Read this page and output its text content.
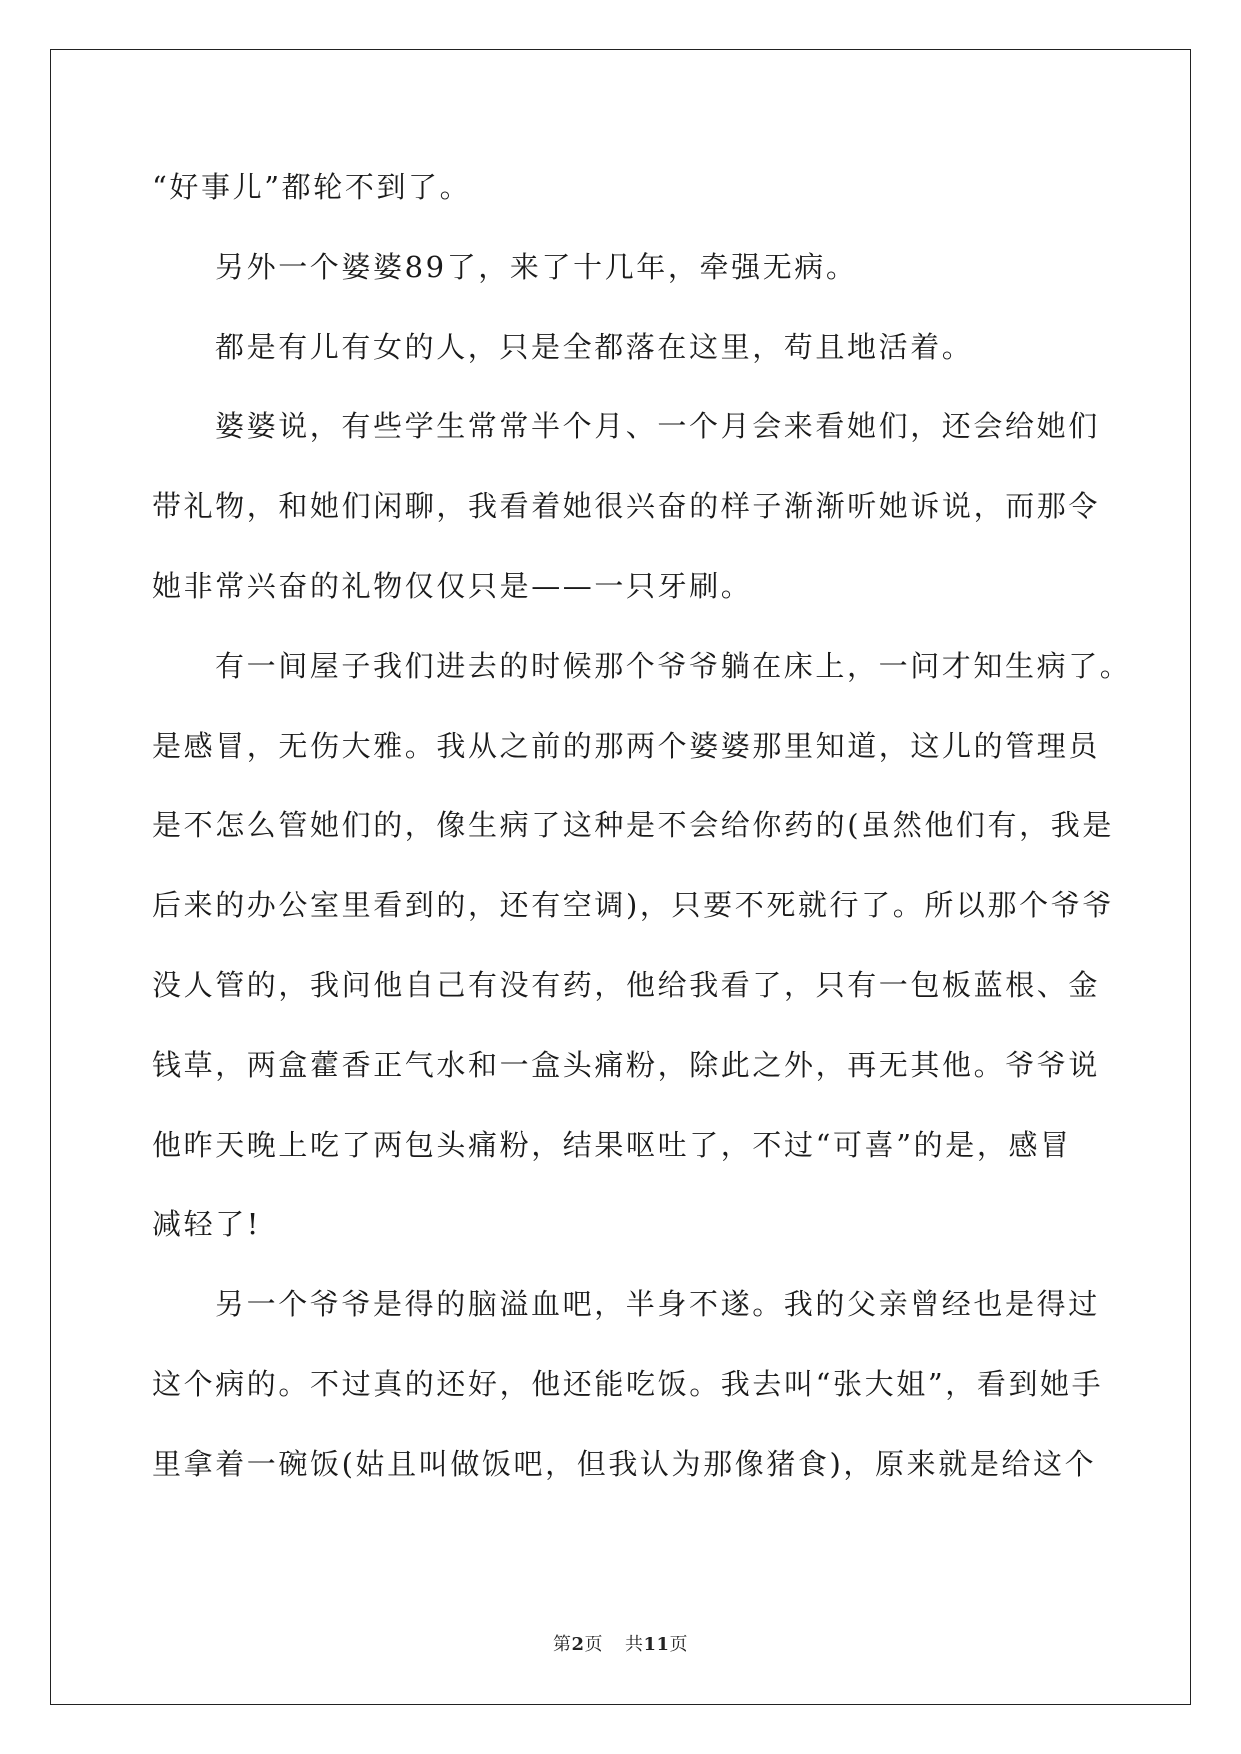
“好事儿”都轮不到了。
另外一个婆婆89了，来了十几年，牵强无病。
都是有儿有女的人，只是全都落在这里，苟且地活着。
婆婆说，有些学生常常半个月、一个月会来看她们，还会给她们
带礼物，和她们闲聊，我看着她很兴奋的样子渐渐听她诉说，而那令
她非常兴奋的礼物仅仅只是——一只牙刷。
有一间屋子我们进去的时候那个爷爷躺在床上，一问才知生病了。
是感冒，无伤大雅。我从之前的那两个婆婆那里知道，这儿的管理员
是不怎么管她们的，像生病了这种是不会给你药的(虽然他们有，我是
后来的办公室里看到的，还有空调)，只要不死就行了。所以那个爷爷
没人管的，我问他自己有没有药，他给我看了，只有一包板蓝根、金
钱草，两盒藿香正气水和一盒头痛粉，除此之外，再无其他。爷爷说
他昨天晚上吃了两包头痛粉，结果呕吐了，不过“可喜”的是，感冒
减轻了!
另一个爷爷是得的脑溢血吧，半身不遂。我的父亲曾经也是得过
这个病的。不过真的还好，他还能吃饭。我去叫“张大姐”，看到她手
里拿着一碗饭(姑且叫做饭吧，但我认为那像猪食)，原来就是给这个
第2页 共11页
